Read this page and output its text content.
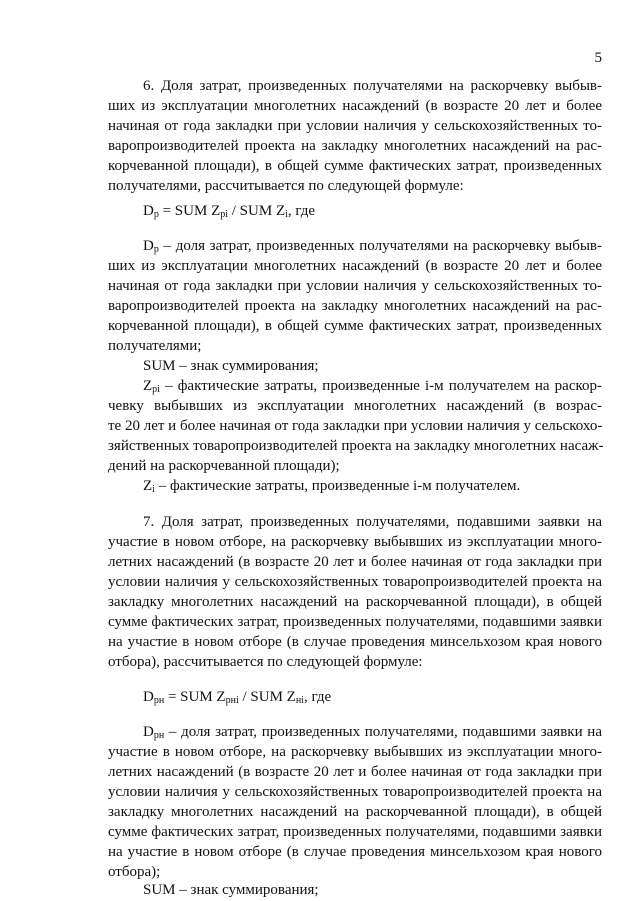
5
6. Доля затрат, произведенных получателями на раскорчевку выбыв-
ших из эксплуатации многолетних насаждений (в возрасте 20 лет и более
начиная от года закладки при условии наличия у сельскохозяйственных то-
варопроизводителей проекта на закладку многолетних насаждений на рас-
корчеванной площади), в общей сумме фактических затрат, произведенных
получателями, рассчитывается по следующей формуле:
$D_p$ = SUM $Z_{pi}$ / SUM $Z_i$, где
$D_p$ – доля затрат, произведенных получателями на раскорчевку выбыв-
ших из эксплуатации многолетних насаждений (в возрасте 20 лет и более
начиная от года закладки при условии наличия у сельскохозяйственных то-
варопроизводителей проекта на закладку многолетних насаждений на рас-
корчеванной площади), в общей сумме фактических затрат, произведенных
получателями;
SUM – знак суммирования;
$Z_{pi}$ – фактические затраты, произведенные i-м получателем на раскор-
чевку выбывших из эксплуатации многолетних насаждений (в возрас-
те 20 лет и более начиная от года закладки при условии наличия у сельскохо-
зяйственных товаропроизводителей проекта на закладку многолетних насаж-
дений на раскорчеванной площади);
$Z_i$ – фактические затраты, произведенные i-м получателем.
7. Доля затрат, произведенных получателями, подавшими заявки на
участие в новом отборе, на раскорчевку выбывших из эксплуатации много-
летних насаждений (в возрасте 20 лет и более начиная от года закладки при
условии наличия у сельскохозяйственных товаропроизводителей проекта на
закладку многолетних насаждений на раскорчеванной площади), в общей
сумме фактических затрат, произведенных получателями, подавшими заявки
на участие в новом отборе (в случае проведения минсельхозом края нового
отбора), рассчитывается по следующей формуле:
$D_{рн}$ = SUM $Z_{рнi}$ / SUM $Z_{нi}$, где
$D_{рн}$ – доля затрат, произведенных получателями, подавшими заявки на
участие в новом отборе, на раскорчевку выбывших из эксплуатации много-
летних насаждений (в возрасте 20 лет и более начиная от года закладки при
условии наличия у сельскохозяйственных товаропроизводителей проекта на
закладку многолетних насаждений на раскорчеванной площади), в общей
сумме фактических затрат, произведенных получателями, подавшими заявки
на участие в новом отборе (в случае проведения минсельхозом края нового
отбора);
SUM – знак суммирования;
